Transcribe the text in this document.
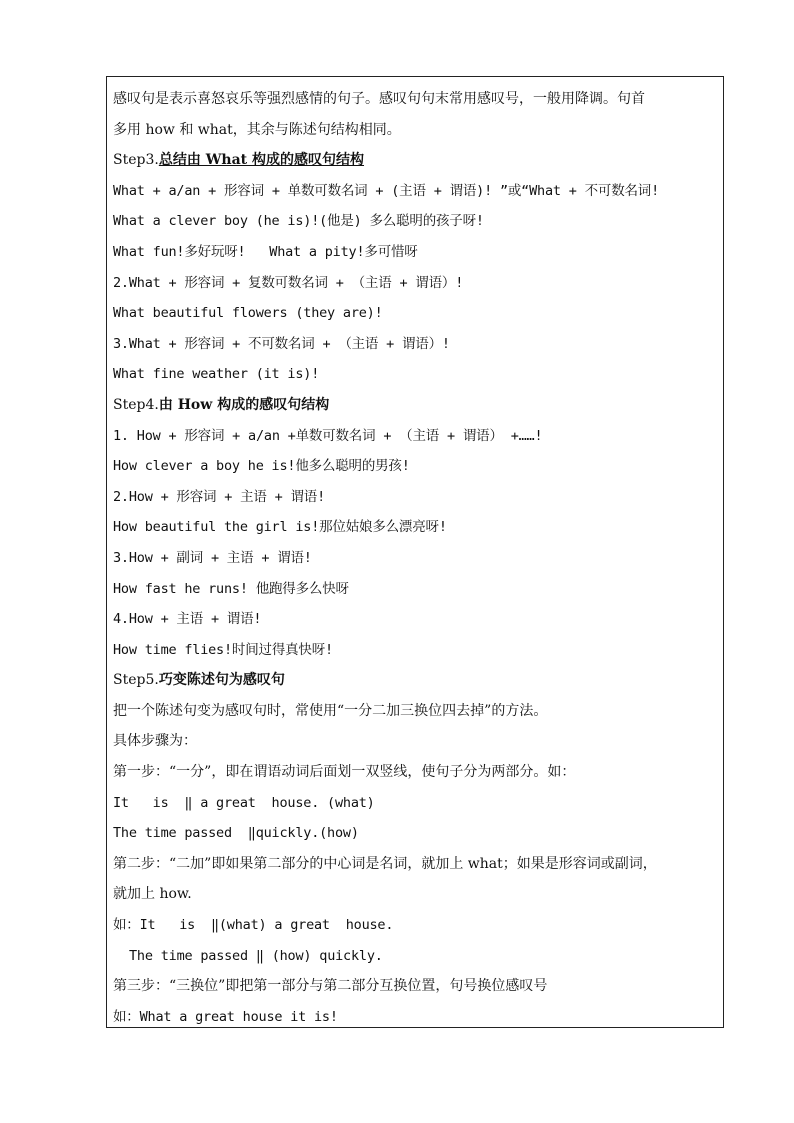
感叹句是表示喜怒哀乐等强烈感情的句子。感叹句句末常用感叹号，一般用降调。句首
多用 how 和 what，其余与陈述句结构相同。
Step3.总结由 What 构成的感叹句结构
What + a/an + 形容词 + 单数可数名词 + (主语 + 谓语)! ”或“What + 不可数名词!
What a clever boy (he is)!(他是) 多么聪明的孩子呀!
What fun!多好玩呀!   What a pity!多可惜呀
2.What + 形容词 + 复数可数名词 + （主语 + 谓语）!
What beautiful flowers (they are)!
3.What + 形容词 + 不可数名词 + （主语 + 谓语）!
What fine weather (it is)!
Step4.由 How 构成的感叹句结构
1. How + 形容词 + a/an +单数可数名词 + （主语 + 谓语） +……!
How clever a boy he is!他多么聪明的男孩!
2.How + 形容词 + 主语 + 谓语!
How beautiful the girl is!那位姑娘多么漂亮呀!
3.How + 副词 + 主语 + 谓语!
How fast he runs! 他跑得多么快呀
4.How + 主语 + 谓语!
How time flies!时间过得真快呀!
Step5.巧变陈述句为感叹句
把一个陈述句变为感叹句时，常使用“一分二加三换位四去掉”的方法。
具体步骤为：
第一步：“一分”，即在谓语动词后面划一双竖线，使句子分为两部分。如：
It   is  ‖ a great  house. (what)
The time passed  ‖quickly.(how)
第二步：“二加”即如果第二部分的中心词是名词，就加上 what；如果是形容词或副词，
就加上 how.
如：It   is  ‖(what) a great  house.
The time passed ‖ (how) quickly.
第三步：“三换位”即把第一部分与第二部分互换位置，句号换位感叹号
如：What a great house it is!
